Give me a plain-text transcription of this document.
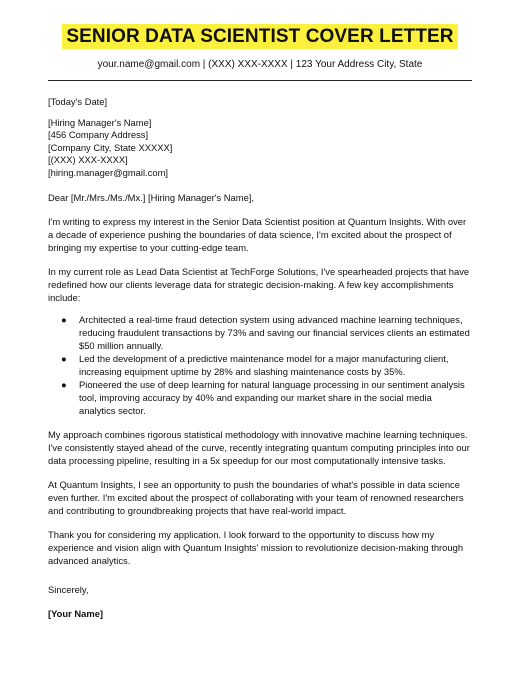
SENIOR DATA SCIENTIST COVER LETTER
your.name@gmail.com | (XXX) XXX-XXXX | 123 Your Address City, State

[Today's Date]

[Hiring Manager's Name]
[456 Company Address]
[Company City, State XXXXX]
[(XXX) XXX-XXXX]
[hiring.manager@gmail.com]

Dear [Mr./Mrs./Ms./Mx.] [Hiring Manager's Name],

I'm writing to express my interest in the Senior Data Scientist position at Quantum Insights. With over a decade of experience pushing the boundaries of data science, I'm excited about the prospect of bringing my expertise to your cutting-edge team.

In my current role as Lead Data Scientist at TechForge Solutions, I've spearheaded projects that have redefined how our clients leverage data for strategic decision-making. A few key accomplishments include:

● Architected a real-time fraud detection system using advanced machine learning techniques, reducing fraudulent transactions by 73% and saving our financial services clients an estimated $50 million annually.
● Led the development of a predictive maintenance model for a major manufacturing client, increasing equipment uptime by 28% and slashing maintenance costs by 35%.
● Pioneered the use of deep learning for natural language processing in our sentiment analysis tool, improving accuracy by 40% and expanding our market share in the social media analytics sector.

My approach combines rigorous statistical methodology with innovative machine learning techniques. I've consistently stayed ahead of the curve, recently integrating quantum computing principles into our data processing pipeline, resulting in a 5x speedup for our most computationally intensive tasks.

At Quantum Insights, I see an opportunity to push the boundaries of what's possible in data science even further. I'm excited about the prospect of collaborating with your team of renowned researchers and contributing to groundbreaking projects that have real-world impact.

Thank you for considering my application. I look forward to the opportunity to discuss how my experience and vision align with Quantum Insights' mission to revolutionize decision-making through advanced analytics.

Sincerely,

[Your Name]
